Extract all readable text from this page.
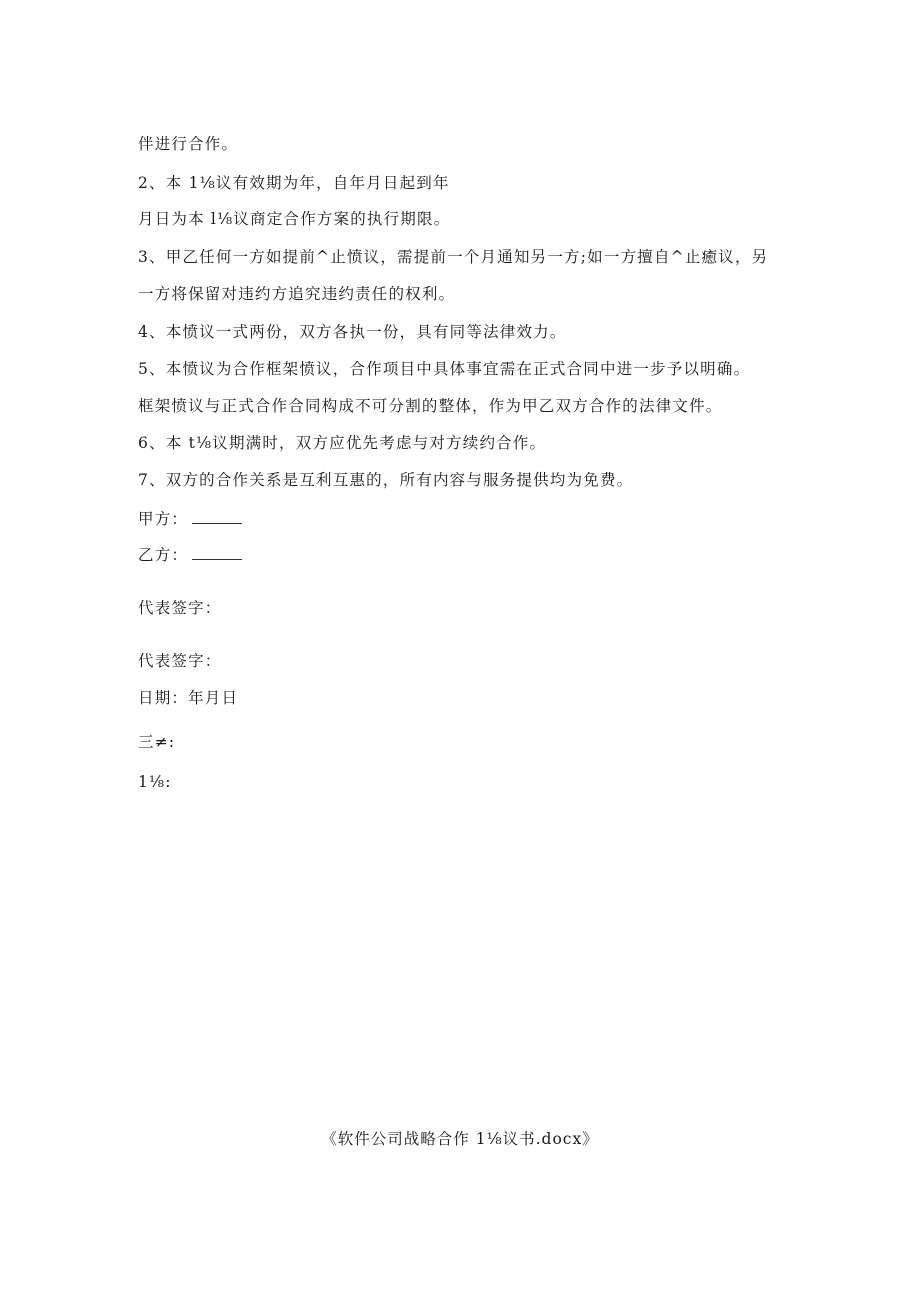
伴进行合作。
2、本 1⅛议有效期为年，自年月日起到年
月日为本 l⅛议商定合作方案的执行期限。
3、甲乙任何一方如提前^止愤议，需提前一个月通知另一方;如一方擅自^止癒议，另
一方将保留对违约方追究违约责任的权利。
4、本愤议一式两份，双方各执一份，具有同等法律效力。
5、本愤议为合作框架愤议，合作项目中具体事宜需在正式合同中进一步予以明确。
框架愤议与正式合作合同构成不可分割的整体，作为甲乙双方合作的法律文件。
6、本 t⅛议期满时，双方应优先考虑与对方续约合作。
7、双方的合作关系是互利互惠的，所有内容与服务提供均为免费。
甲方：
乙方：
代表签字：
代表签字：
日期：年月日
三≠:
1⅛:
《软件公司战略合作 1⅛议书.docx》
